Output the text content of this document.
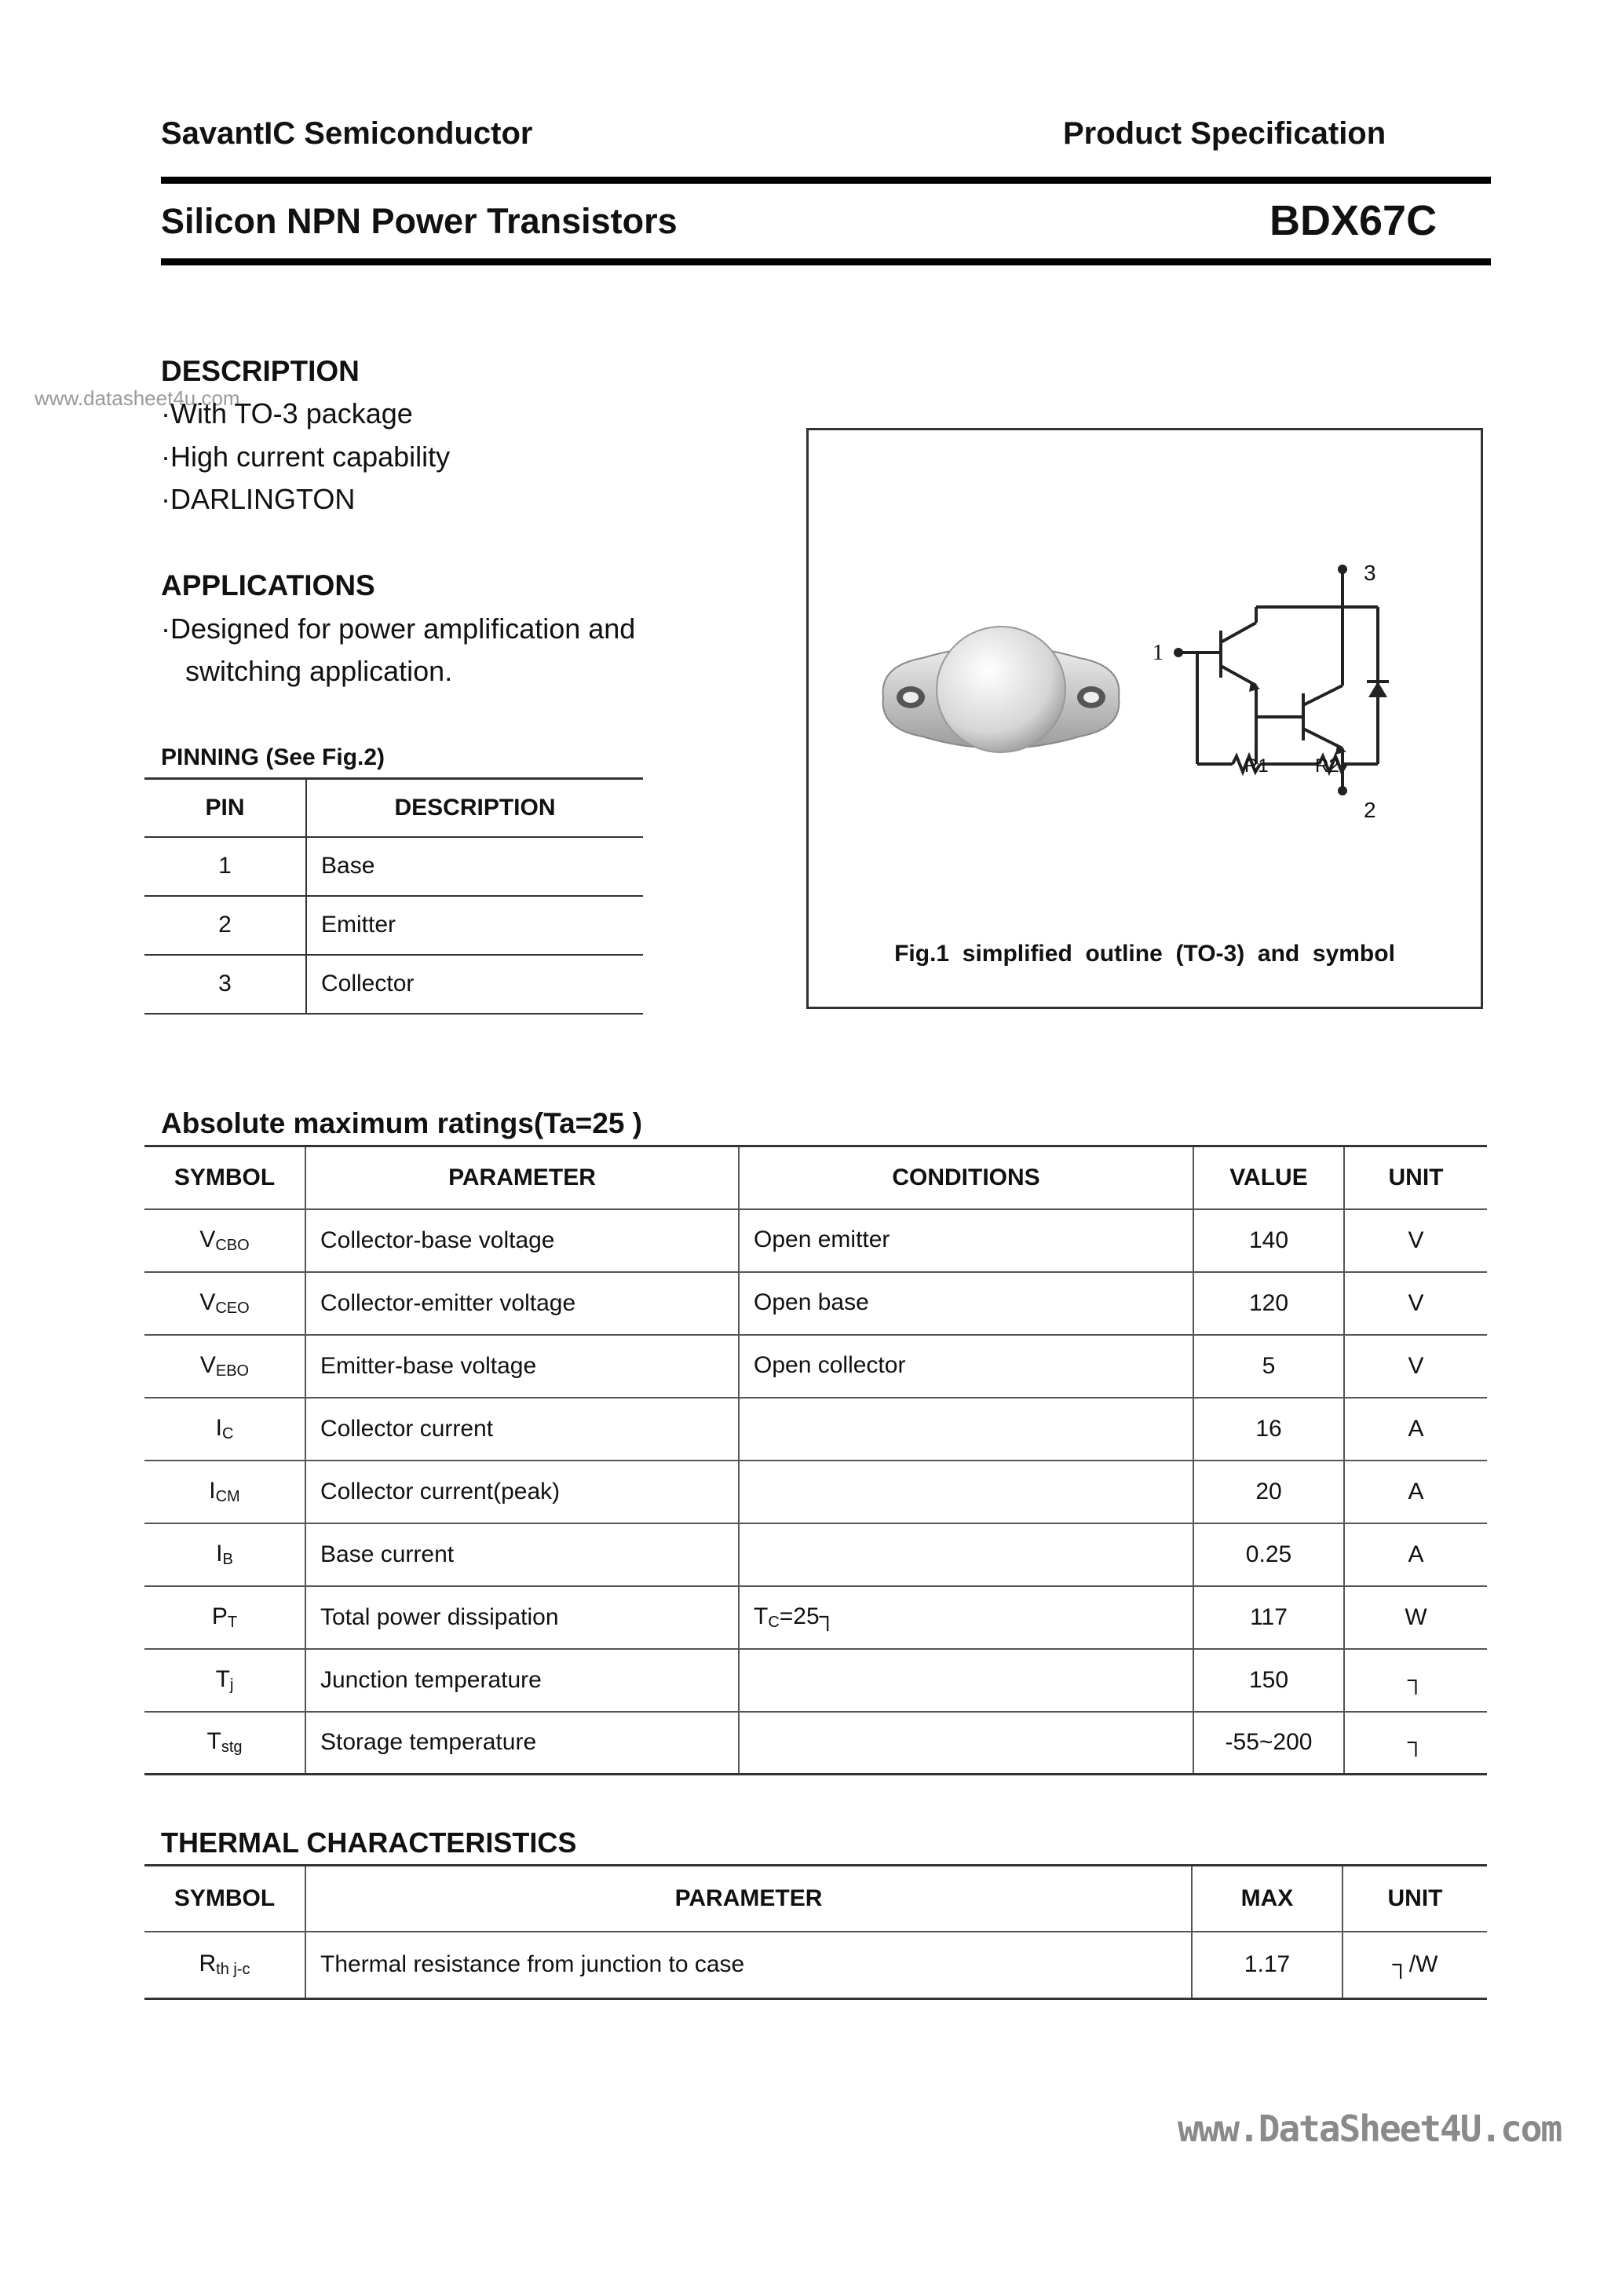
SavantIC Semiconductor	Product Specification
Silicon NPN Power Transistors	BDX67C
www.datasheet4u.com
DESCRIPTION
·With TO-3 package
·High current capability
·DARLINGTON
APPLICATIONS
·Designed for power amplification and
switching application.
PINNING (See Fig.2)
PIN	DESCRIPTION
1	Base
2	Emitter
3	Collector
1
3
2
R1 R2
Fig.1  simplified  outline  (TO-3)  and  symbol
Absolute maximum ratings(Ta=25 )
SYMBOL	PARAMETER	CONDITIONS	VALUE	UNIT
$V_{CBO}$	Collector-base voltage	Open emitter	140	V
$V_{CEO}$	Collector-emitter voltage	Open base	120	V
$V_{EBO}$	Emitter-base voltage	Open collector	5	V
$I_C$	Collector current		16	A
$I_{CM}$	Collector current(peak)		20	A
$I_B$	Base current		0.25	A
$P_T$	Total power dissipation	$T_C=25┐$	117	W
$T_j$	Junction temperature		150	┐
$T_{stg}$	Storage temperature		-55~200	┐
THERMAL CHARACTERISTICS
SYMBOL	PARAMETER	MAX	UNIT
$R_{th j-c}$	Thermal resistance from junction to case	1.17	┐/W
www.DataSheet4U.com
